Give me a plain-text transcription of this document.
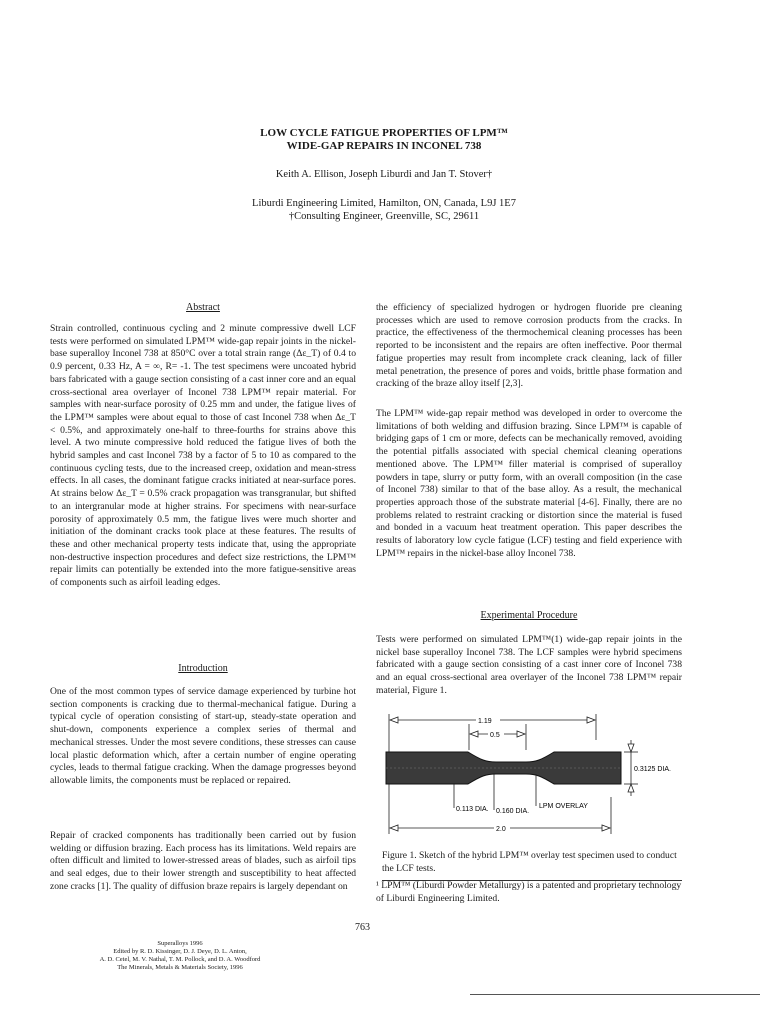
LOW CYCLE FATIGUE PROPERTIES OF LPM™
WIDE-GAP REPAIRS IN INCONEL 738
Keith A. Ellison, Joseph Liburdi and Jan T. Stover†
Liburdi Engineering Limited, Hamilton, ON, Canada, L9J 1E7
†Consulting Engineer, Greenville, SC, 29611
Abstract
Strain controlled, continuous cycling and 2 minute compressive dwell LCF tests were performed on simulated LPM™ wide-gap repair joints in the nickel-base superalloy Inconel 738 at 850°C over a total strain range (Δε_T) of 0.4 to 0.9 percent, 0.33 Hz, A = ∞, R= -1. The test specimens were uncoated hybrid bars fabricated with a gauge section consisting of a cast inner core and an equal cross-sectional area overlayer of Inconel 738 LPM™ repair material. For samples with near-surface porosity of 0.25 mm and under, the fatigue lives of the LPM™ samples were about equal to those of cast Inconel 738 when Δε_T < 0.5%, and approximately one-half to three-fourths for strains above this level. A two minute compressive hold reduced the fatigue lives of both the hybrid samples and cast Inconel 738 by a factor of 5 to 10 as compared to the continuous cycling tests, due to the increased creep, oxidation and mean-stress effects. In all cases, the dominant fatigue cracks initiated at near-surface pores. At strains below Δε_T = 0.5% crack propagation was transgranular, but shifted to an intergranular mode at higher strains. For specimens with near-surface porosity of approximately 0.5 mm, the fatigue lives were much shorter and initiation of the dominant cracks took place at these features. The results of these and other mechanical property tests indicate that, using the appropriate non-destructive inspection procedures and defect size restrictions, the LPM™ repair limits can potentially be extended into the more fatigue-sensitive areas of components such as airfoil leading edges.
Introduction
One of the most common types of service damage experienced by turbine hot section components is cracking due to thermal-mechanical fatigue. During a typical cycle of operation consisting of start-up, steady-state operation and shut-down, components experience a complex series of thermal and mechanical stresses. Under the most severe conditions, these stresses can cause local plastic deformation which, after a certain number of engine operating cycles, leads to thermal fatigue cracking. When the damage progresses beyond allowable limits, the components must be replaced or repaired.
Repair of cracked components has traditionally been carried out by fusion welding or diffusion brazing. Each process has its limitations. Weld repairs are often difficult and limited to lower-stressed areas of blades, such as airfoil tips and seal edges, due to their lower strength and susceptibility to heat affected zone cracks [1]. The quality of diffusion braze repairs is largely dependant on
Superalloys 1996
Edited by R. D. Kissinger, D. J. Deye, D. L. Anton,
A. D. Cetel, M. V. Nathal, T. M. Pollock, and D. A. Woodford
The Minerals, Metals & Materials Society, 1996
763
the efficiency of specialized hydrogen or hydrogen fluoride pre cleaning processes which are used to remove corrosion products from the cracks. In practice, the effectiveness of the thermochemical cleaning processes has been reported to be inconsistent and the repairs are often ineffective. Poor thermal fatigue properties may result from incomplete crack cleaning, lack of filler metal penetration, the presence of pores and voids, brittle phase formation and cracking of the braze alloy itself [2,3].
The LPM™ wide-gap repair method was developed in order to overcome the limitations of both welding and diffusion brazing. Since LPM™ is capable of bridging gaps of 1 cm or more, defects can be mechanically removed, avoiding the potential pitfalls associated with special chemical cleaning operations mentioned above. The LPM™ filler material is comprised of superalloy powders in tape, slurry or putty form, with an overall composition (in the case of Inconel 738) similar to that of the base alloy. As a result, the mechanical properties approach those of the substrate material [4-6]. Finally, there are no problems related to restraint cracking or distortion since the material is fused and bonded in a vacuum heat treatment operation. This paper describes the results of laboratory low cycle fatigue (LCF) testing and field experience with LPM™ repairs in the nickel-base alloy Inconel 738.
Experimental Procedure
Tests were performed on simulated LPM™(1) wide-gap repair joints in the nickel base superalloy Inconel 738. The LCF samples were hybrid specimens fabricated with a gauge section consisting of a cast inner core of Inconel 738 and an equal cross-sectional area overlayer of the Inconel 738 LPM™ repair material, Figure 1.
1.19
0.5
0.3125 DIA.
0.113 DIA. 0.160 DIA.
LPM OVERLAY
2.0
Figure 1. Sketch of the hybrid LPM™ overlay test specimen used to conduct the LCF tests.
¹ LPM™ (Liburdi Powder Metallurgy) is a patented and proprietary technology of Liburdi Engineering Limited.
